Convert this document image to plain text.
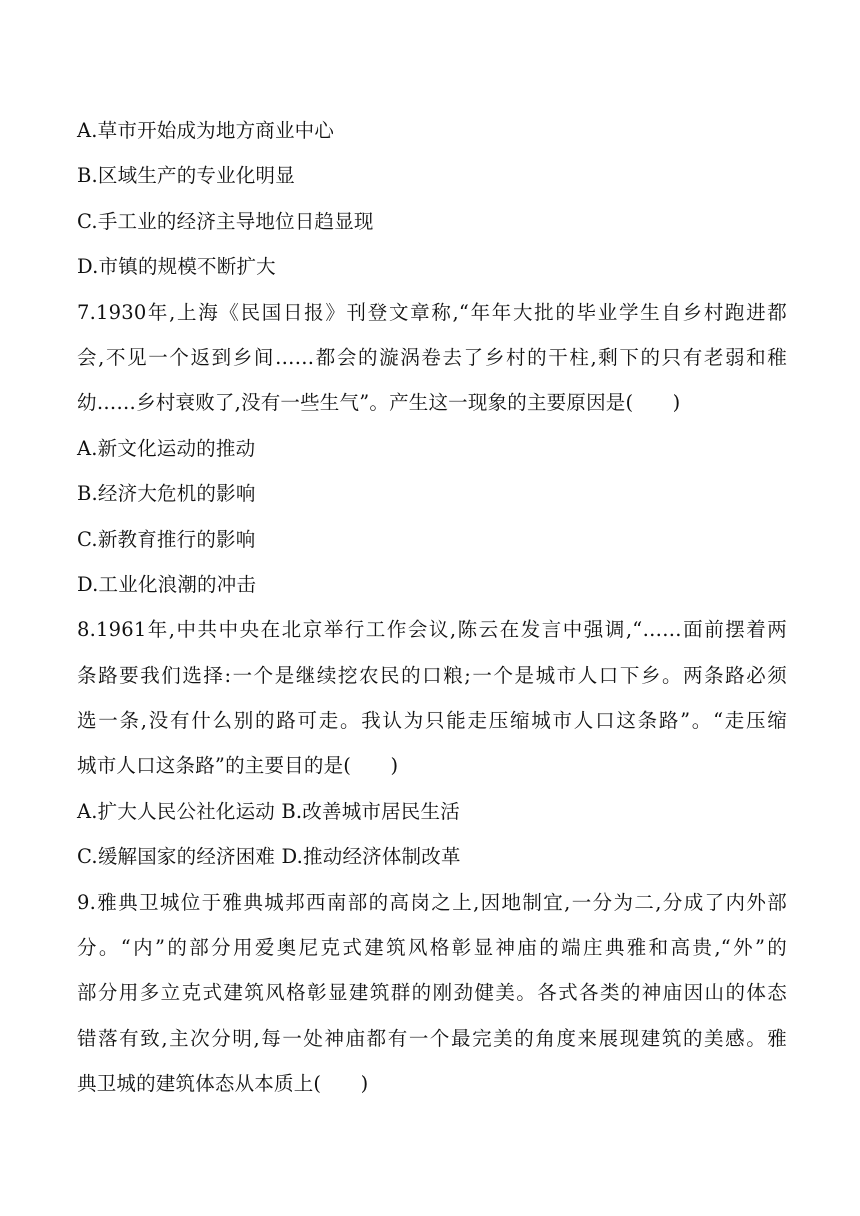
A.草市开始成为地方商业中心
B.区域生产的专业化明显
C.手工业的经济主导地位日趋显现
D.市镇的规模不断扩大
7.1930年,上海《民国日报》刊登文章称,“年年大批的毕业学生自乡村跑进都
会,不见一个返到乡间……都会的漩涡卷去了乡村的干柱,剩下的只有老弱和稚
幼……乡村衰败了,没有一些生气”。产生这一现象的主要原因是(　　)
A.新文化运动的推动
B.经济大危机的影响
C.新教育推行的影响
D.工业化浪潮的冲击
8.1961年,中共中央在北京举行工作会议,陈云在发言中强调,“……面前摆着两
条路要我们选择:一个是继续挖农民的口粮;一个是城市人口下乡。两条路必须
选一条,没有什么别的路可走。我认为只能走压缩城市人口这条路”。“走压缩
城市人口这条路”的主要目的是(　　)
A.扩大人民公社化运动 B.改善城市居民生活
C.缓解国家的经济困难 D.推动经济体制改革
9.雅典卫城位于雅典城邦西南部的高岗之上,因地制宜,一分为二,分成了内外部
分。“内”的部分用爱奥尼克式建筑风格彰显神庙的端庄典雅和高贵,“外”的
部分用多立克式建筑风格彰显建筑群的刚劲健美。各式各类的神庙因山的体态
错落有致,主次分明,每一处神庙都有一个最完美的角度来展现建筑的美感。雅
典卫城的建筑体态从本质上(　　)
